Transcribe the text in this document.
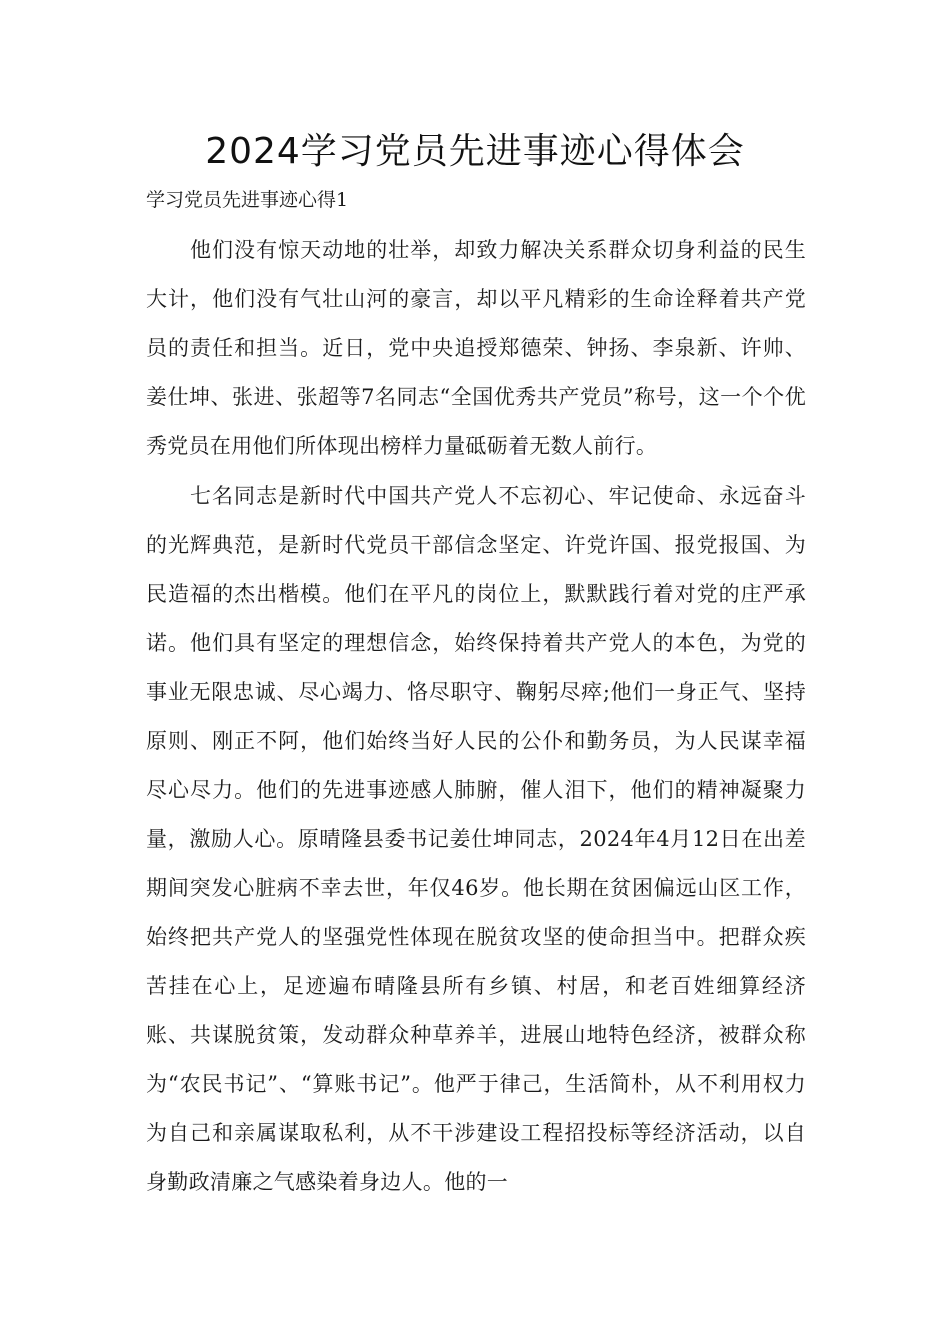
2024学习党员先进事迹心得体会

学习党员先进事迹心得1

他们没有惊天动地的壮举，却致力解决关系群众切身利益的民生大计，他们没有气壮山河的豪言，却以平凡精彩的生命诠释着共产党员的责任和担当。近日，党中央追授郑德荣、钟扬、李泉新、许帅、姜仕坤、张进、张超等7名同志“全国优秀共产党员”称号，这一个个优秀党员在用他们所体现出榜样力量砥砺着无数人前行。

七名同志是新时代中国共产党人不忘初心、牢记使命、永远奋斗的光辉典范，是新时代党员干部信念坚定、许党许国、报党报国、为民造福的杰出楷模。他们在平凡的岗位上，默默践行着对党的庄严承诺。他们具有坚定的理想信念，始终保持着共产党人的本色，为党的事业无限忠诚、尽心竭力、恪尽职守、鞠躬尽瘁;他们一身正气、坚持原则、刚正不阿，他们始终当好人民的公仆和勤务员，为人民谋幸福尽心尽力。他们的先进事迹感人肺腑，催人泪下，他们的精神凝聚力量，激励人心。原晴隆县委书记姜仕坤同志，2024年4月12日在出差期间突发心脏病不幸去世，年仅46岁。他长期在贫困偏远山区工作，始终把共产党人的坚强党性体现在脱贫攻坚的使命担当中。把群众疾苦挂在心上，足迹遍布晴隆县所有乡镇、村居，和老百姓细算经济账、共谋脱贫策，发动群众种草养羊，进展山地特色经济，被群众称为“农民书记”、“算账书记”。他严于律己，生活简朴，从不利用权力为自己和亲属谋取私利，从不干涉建设工程招投标等经济活动，以自身勤政清廉之气感染着身边人。他的一
